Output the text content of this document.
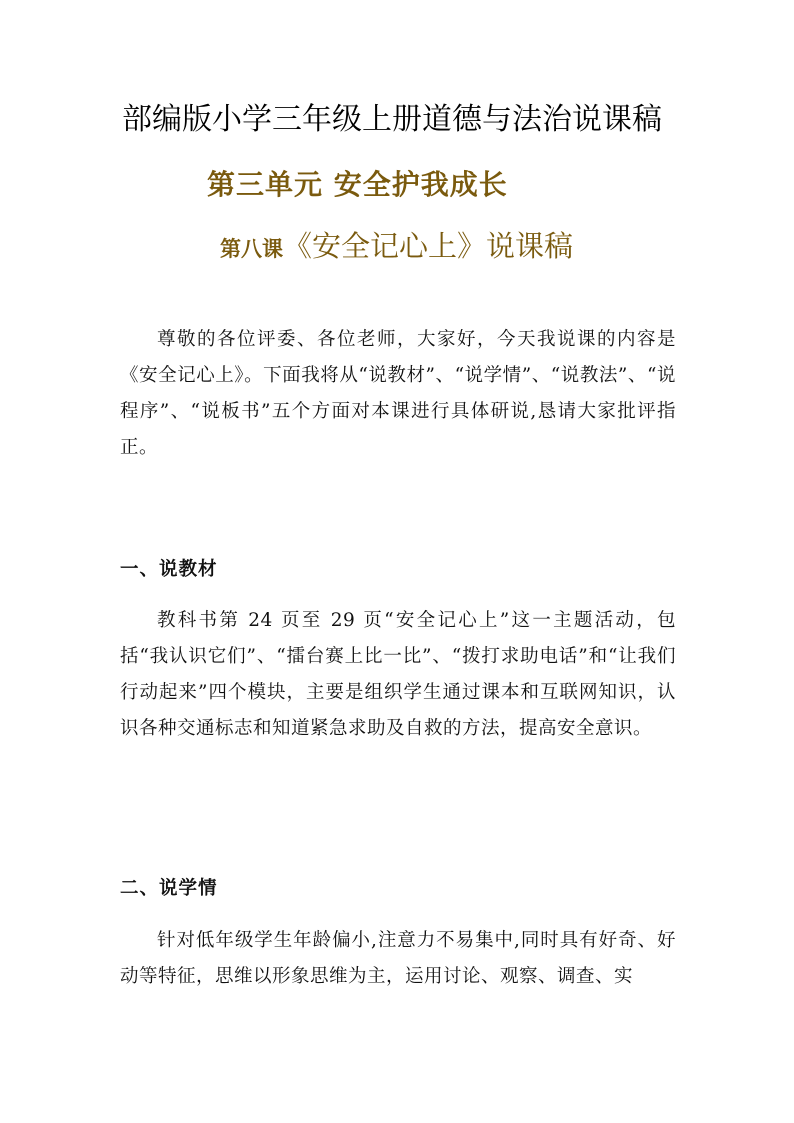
部编版小学三年级上册道德与法治说课稿
第三单元 安全护我成长
第八课《安全记心上》说课稿
尊敬的各位评委、各位老师，大家好，今天我说课的内容是《安全记心上》。下面我将从“说教材”、“说学情”、“说教法”、“说程序”、“说板书”五个方面对本课进行具体研说,恳请大家批评指正。
一、说教材
教科书第 24 页至 29 页“安全记心上”这一主题活动，包括“我认识它们”、“擂台赛上比一比”、“拨打求助电话”和“让我们行动起来”四个模块，主要是组织学生通过课本和互联网知识，认识各种交通标志和知道紧急求助及自救的方法，提高安全意识。
二、说学情
针对低年级学生年龄偏小,注意力不易集中,同时具有好奇、好动等特征，思维以形象思维为主，运用讨论、观察、调查、实
